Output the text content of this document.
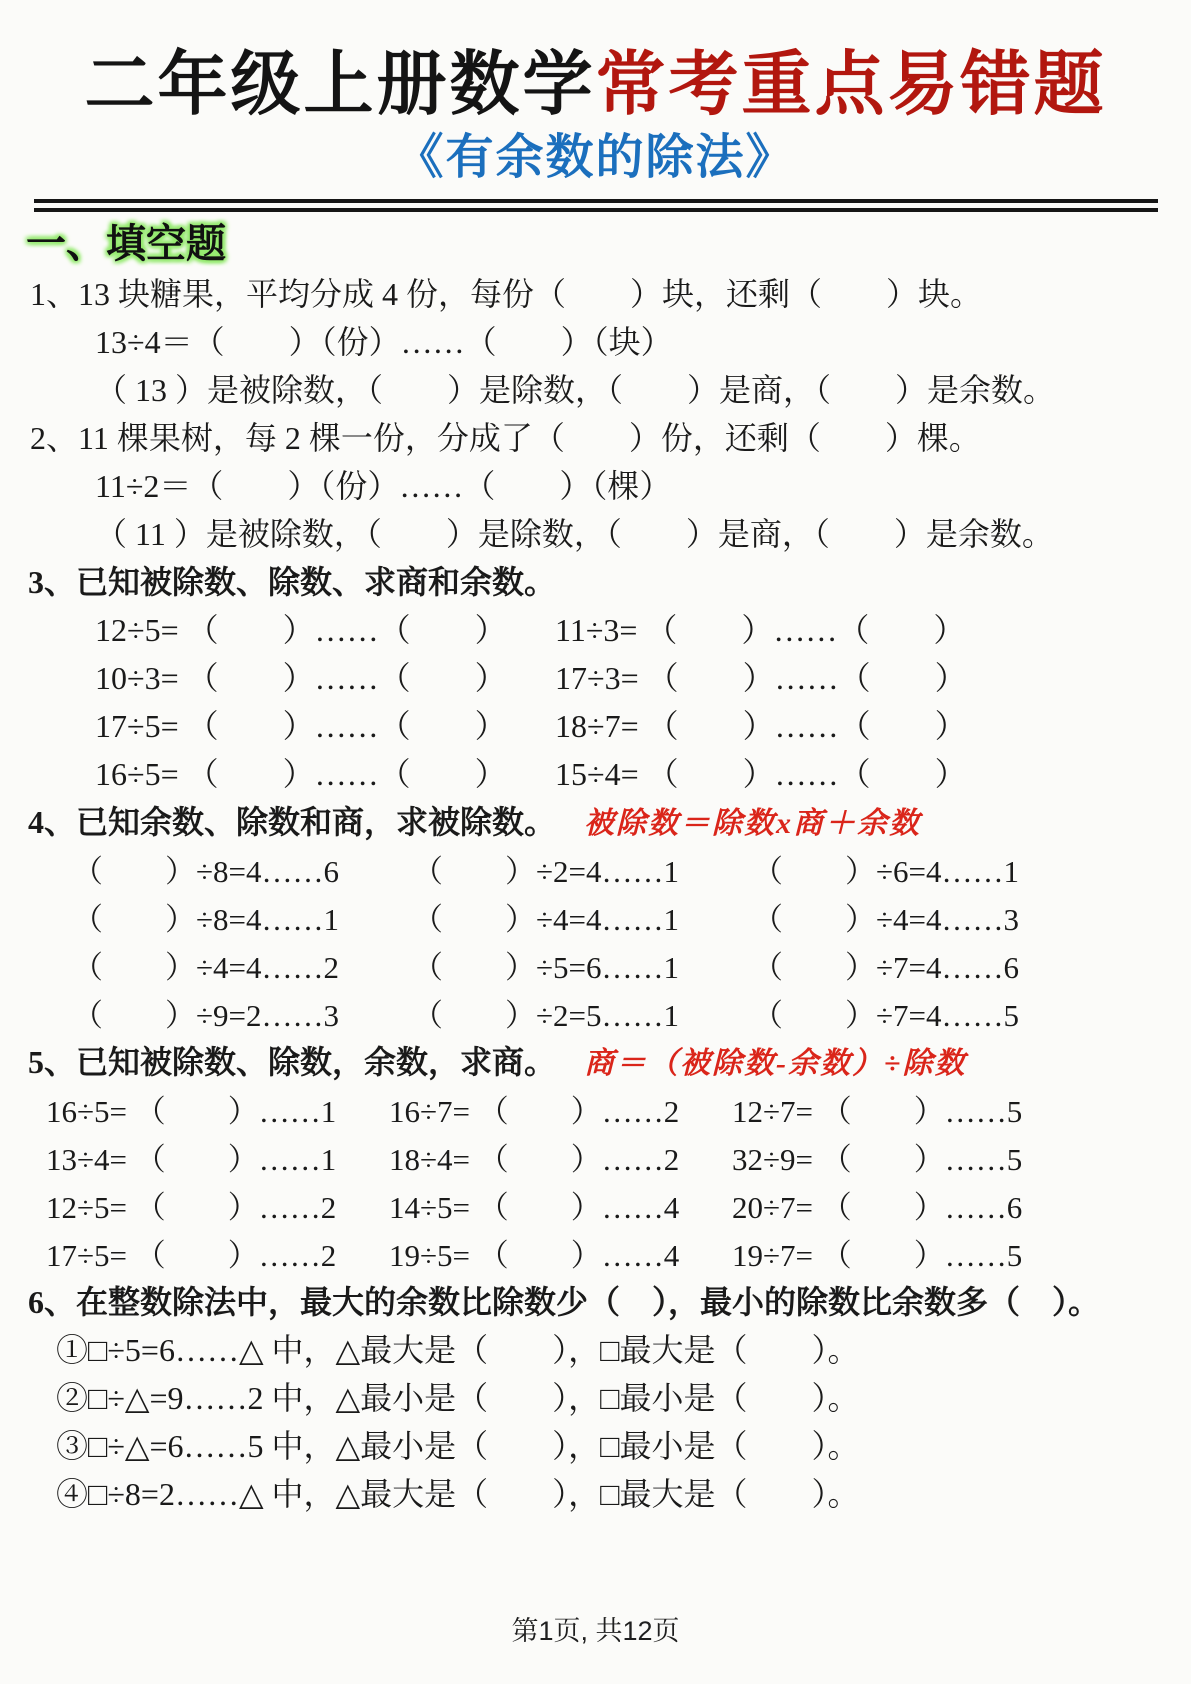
二年级上册数学常考重点易错题
《有余数的除法》
一、填空题
1、13 块糖果，平均分成 4 份，每份（　　）块，还剩（　　）块。
13÷4＝（　　）（份）……（　　）（块）
（ 13 ）是被除数，（　　）是除数，（　　）是商，（　　）是余数。
2、11 棵果树，每 2 棵一份，分成了（　　）份，还剩（　　）棵。
11÷2＝（　　）（份）……（　　）（棵）
（ 11 ）是被除数，（　　）是除数，（　　）是商，（　　）是余数。
3、已知被除数、除数、求商和余数。
12÷5= （　　）……（　　）	11÷3= （　　）……（　　）
10÷3= （　　）……（　　）	17÷3= （　　）……（　　）
17÷5= （　　）……（　　）	18÷7= （　　）……（　　）
16÷5= （　　）……（　　）	15÷4= （　　）……（　　）
4、已知余数、除数和商，求被除数。 被除数＝除数x商＋余数
（　　）÷8=4……6	（　　）÷2=4……1	（　　）÷6=4……1
（　　）÷8=4……1	（　　）÷4=4……1	（　　）÷4=4……3
（　　）÷4=4……2	（　　）÷5=6……1	（　　）÷7=4……6
（　　）÷9=2……3	（　　）÷2=5……1	（　　）÷7=4……5
5、已知被除数、除数，余数，求商。 商＝（被除数-余数）÷除数
16÷5= （　　）……1	16÷7= （　　）……2	12÷7= （　　）……5
13÷4= （　　）……1	18÷4= （　　）……2	32÷9= （　　）……5
12÷5= （　　）……2	14÷5= （　　）……4	20÷7= （　　）……6
17÷5= （　　）……2	19÷5= （　　）……4	19÷7= （　　）……5
6、在整数除法中，最大的余数比除数少（　），最小的除数比余数多（　）。
①□÷5=6……△ 中，△最大是（　　），□最大是（　　）。
②□÷△=9……2 中，△最小是（　　），□最小是（　　）。
③□÷△=6……5 中，△最小是（　　），□最小是（　　）。
④□÷8=2……△ 中，△最大是（　　），□最大是（　　）。
第1页, 共12页
